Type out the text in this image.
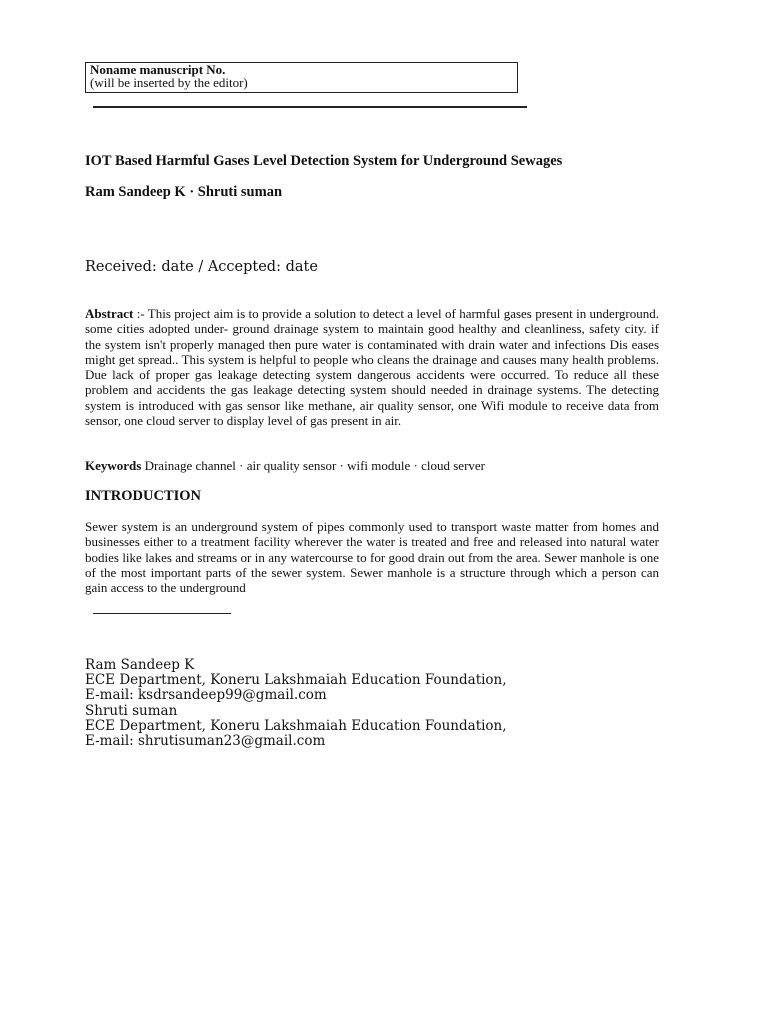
Noname manuscript No.
(will be inserted by the editor)
IOT Based Harmful Gases Level Detection System for Underground Sewages
Ram Sandeep K · Shruti suman
Received: date / Accepted: date

Abstract :- This project aim is to provide a solution to detect a level of harmful gases present in underground. some cities adopted under- ground drainage system to maintain good healthy and cleanliness, safety city. if the system isn't properly managed then pure water is contaminated with drain water and infections Dis eases might get spread.. This system is helpful to people who cleans the drainage and causes many health problems. Due lack of proper gas leakage detecting system dangerous accidents were occurred. To reduce all these problem and accidents the gas leakage detecting system should needed in drainage systems. The detecting system is introduced with gas sensor like methane, air quality sensor, one Wifi module to receive data from sensor, one cloud server to display level of gas present in air.

Keywords Drainage channel · air quality sensor · wifi module · cloud server
INTRODUCTION

Sewer system is an underground system of pipes commonly used to transport waste matter from homes and businesses either to a treatment facility wherever the water is treated and free and released into natural water bodies like lakes and streams or in any watercourse to for good drain out from the area. Sewer manhole is one of the most important parts of the sewer system. Sewer manhole is a structure through which a person can gain access to the underground

Ram Sandeep K
ECE Department, Koneru Lakshmaiah Education Foundation,
E-mail: ksdrsandeep99@gmail.com
Shruti suman
ECE Department, Koneru Lakshmaiah Education Foundation,
E-mail: shrutisuman23@gmail.com
